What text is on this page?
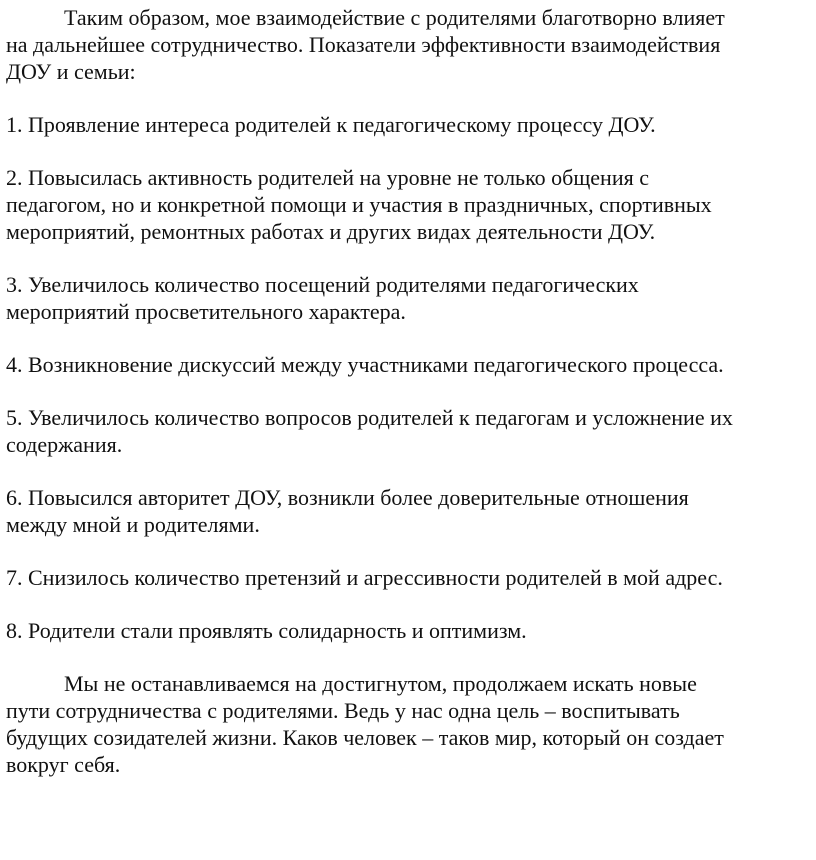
Таким образом, мое взаимодействие с родителями благотворно влияет
на дальнейшее сотрудничество. Показатели эффективности взаимодействия
ДОУ и семьи:

1. Проявление интереса родителей к педагогическому процессу ДОУ.

2. Повысилась активность родителей на уровне не только общения с
педагогом, но и конкретной помощи и участия в праздничных, спортивных
мероприятий, ремонтных работах и других видах деятельности ДОУ.

3. Увеличилось количество посещений родителями педагогических
мероприятий просветительного характера.

4. Возникновение дискуссий между участниками педагогического процесса.

5. Увеличилось количество вопросов родителей к педагогам и усложнение их
содержания.

6. Повысился авторитет ДОУ, возникли более доверительные отношения
между мной и родителями.

7. Снизилось количество претензий и агрессивности родителей в мой адрес.

8. Родители стали проявлять солидарность и оптимизм.

Мы не останавливаемся на достигнутом, продолжаем искать новые
пути сотрудничества с родителями. Ведь у нас одна цель – воспитывать
будущих созидателей жизни. Каков человек – таков мир, который он создает
вокруг себя.
